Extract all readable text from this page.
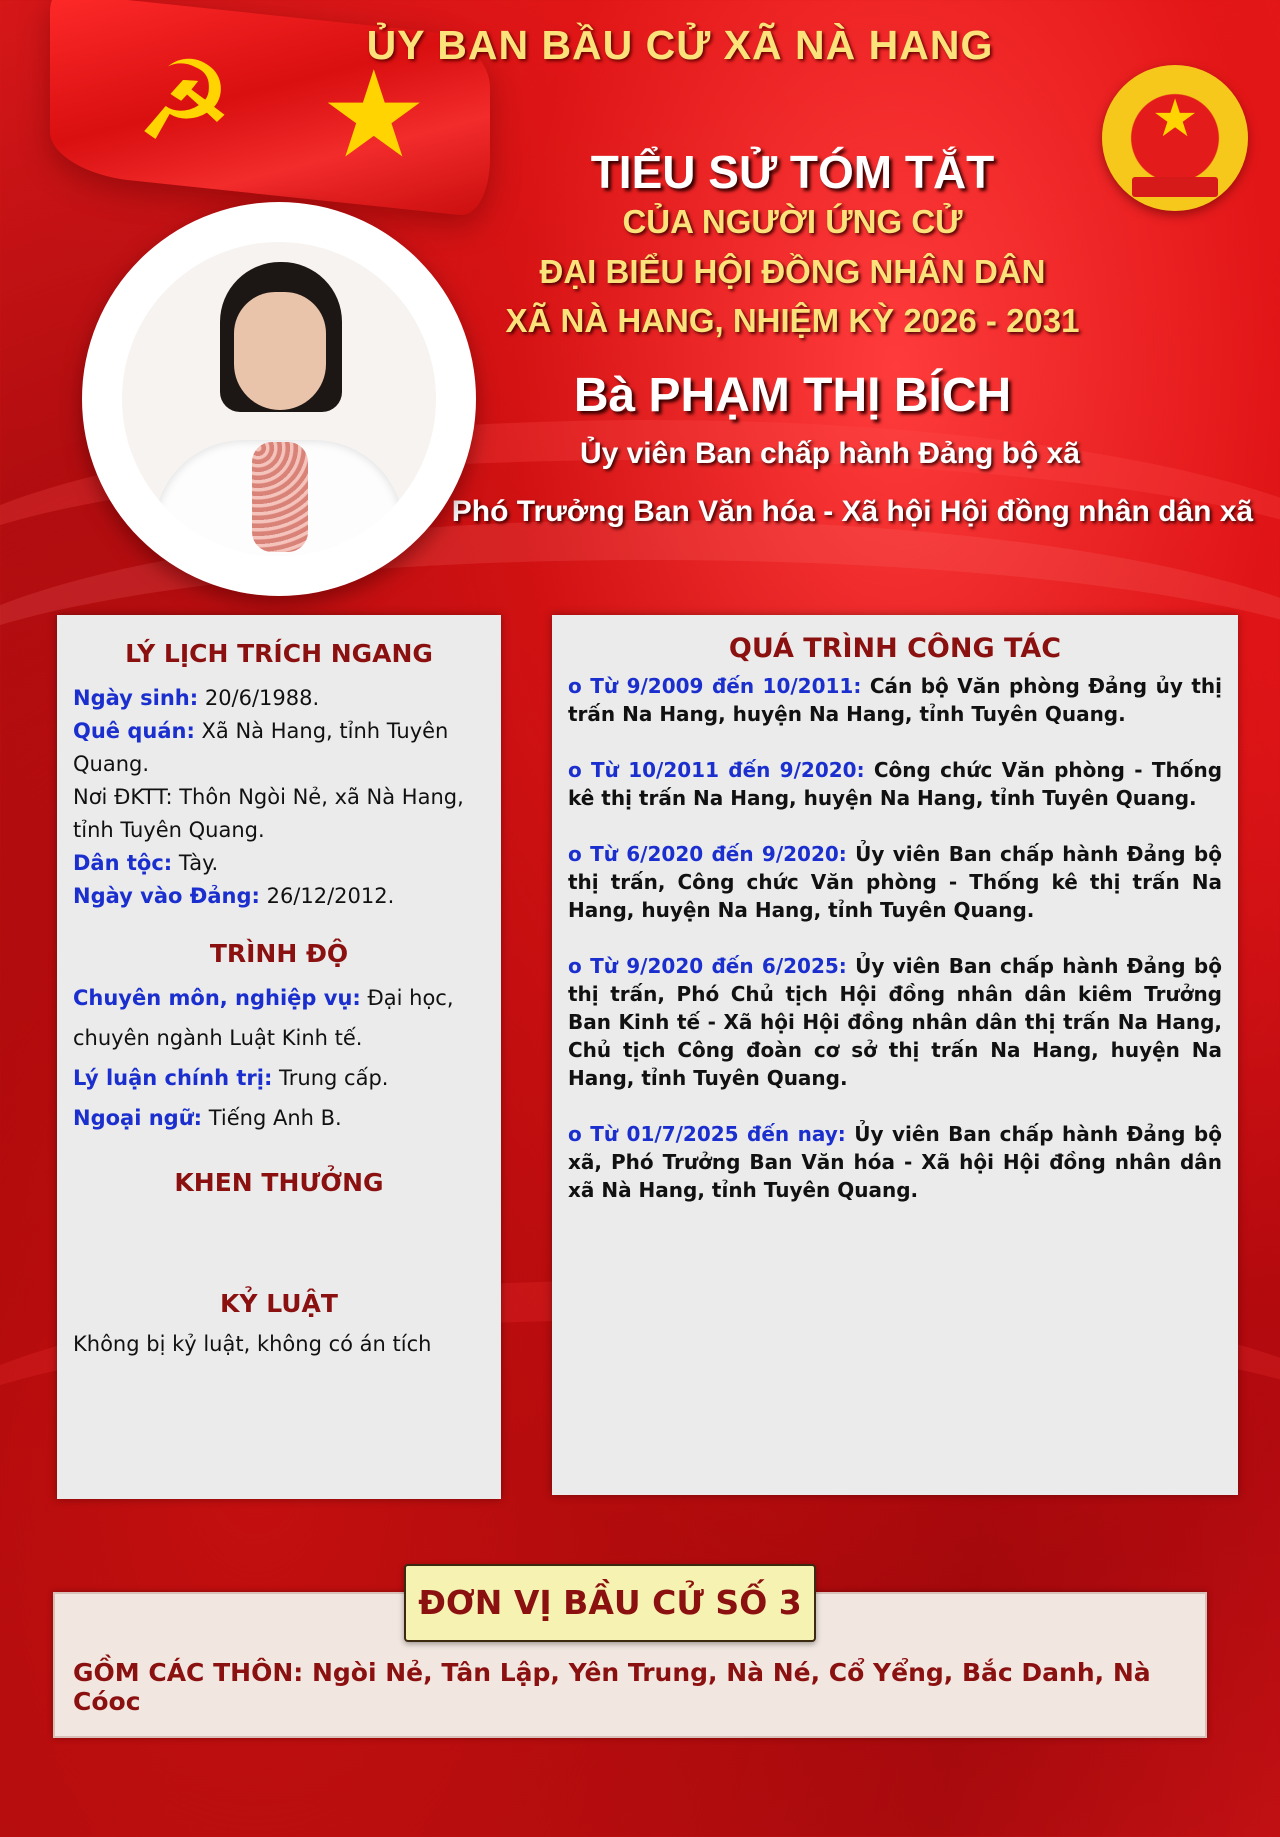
☭ ★	★
ỦY BAN BẦU CỬ XÃ NÀ HANG
TIỂU SỬ TÓM TẮT
CỦA NGƯỜI ỨNG CỬ
ĐẠI BIỂU HỘI ĐỒNG NHÂN DÂN
XÃ NÀ HANG, NHIỆM KỲ 2026 - 2031
Bà PHẠM THỊ BÍCH
Ủy viên Ban chấp hành Đảng bộ xã
Phó Trưởng Ban Văn hóa - Xã hội Hội đồng nhân dân xã
LÝ LỊCH TRÍCH NGANG
Ngày sinh: 20/6/1988.
Quê quán: Xã Nà Hang, tỉnh Tuyên Quang.
Nơi ĐKTT: Thôn Ngòi Nẻ, xã Nà Hang, tỉnh Tuyên Quang.
Dân tộc: Tày.
Ngày vào Đảng: 26/12/2012.
TRÌNH ĐỘ
Chuyên môn, nghiệp vụ: Đại học, chuyên ngành Luật Kinh tế.
Lý luận chính trị: Trung cấp.
Ngoại ngữ: Tiếng Anh B.
KHEN THƯỞNG
KỶ LUẬT
Không bị kỷ luật, không có án tích
QUÁ TRÌNH CÔNG TÁC
o Từ 9/2009 đến 10/2011: Cán bộ Văn phòng Đảng ủy thị trấn Na Hang, huyện Na Hang, tỉnh Tuyên Quang.
o Từ 10/2011 đến 9/2020: Công chức Văn phòng - Thống kê thị trấn Na Hang, huyện Na Hang, tỉnh Tuyên Quang.
o Từ 6/2020 đến 9/2020: Ủy viên Ban chấp hành Đảng bộ thị trấn, Công chức Văn phòng - Thống kê thị trấn Na Hang, huyện Na Hang, tỉnh Tuyên Quang.
o Từ 9/2020 đến 6/2025: Ủy viên Ban chấp hành Đảng bộ thị trấn, Phó Chủ tịch Hội đồng nhân dân kiêm Trưởng Ban Kinh tế - Xã hội Hội đồng nhân dân thị trấn Na Hang, Chủ tịch Công đoàn cơ sở thị trấn Na Hang, huyện Na Hang, tỉnh Tuyên Quang.
o Từ 01/7/2025 đến nay: Ủy viên Ban chấp hành Đảng bộ xã, Phó Trưởng Ban Văn hóa - Xã hội Hội đồng nhân dân xã Nà Hang, tỉnh Tuyên Quang.
ĐƠN VỊ BẦU CỬ SỐ 3
GỒM CÁC THÔN: Ngòi Nẻ, Tân Lập, Yên Trung, Nà Né, Cổ Yểng, Bắc Danh, Nà Cóoc
